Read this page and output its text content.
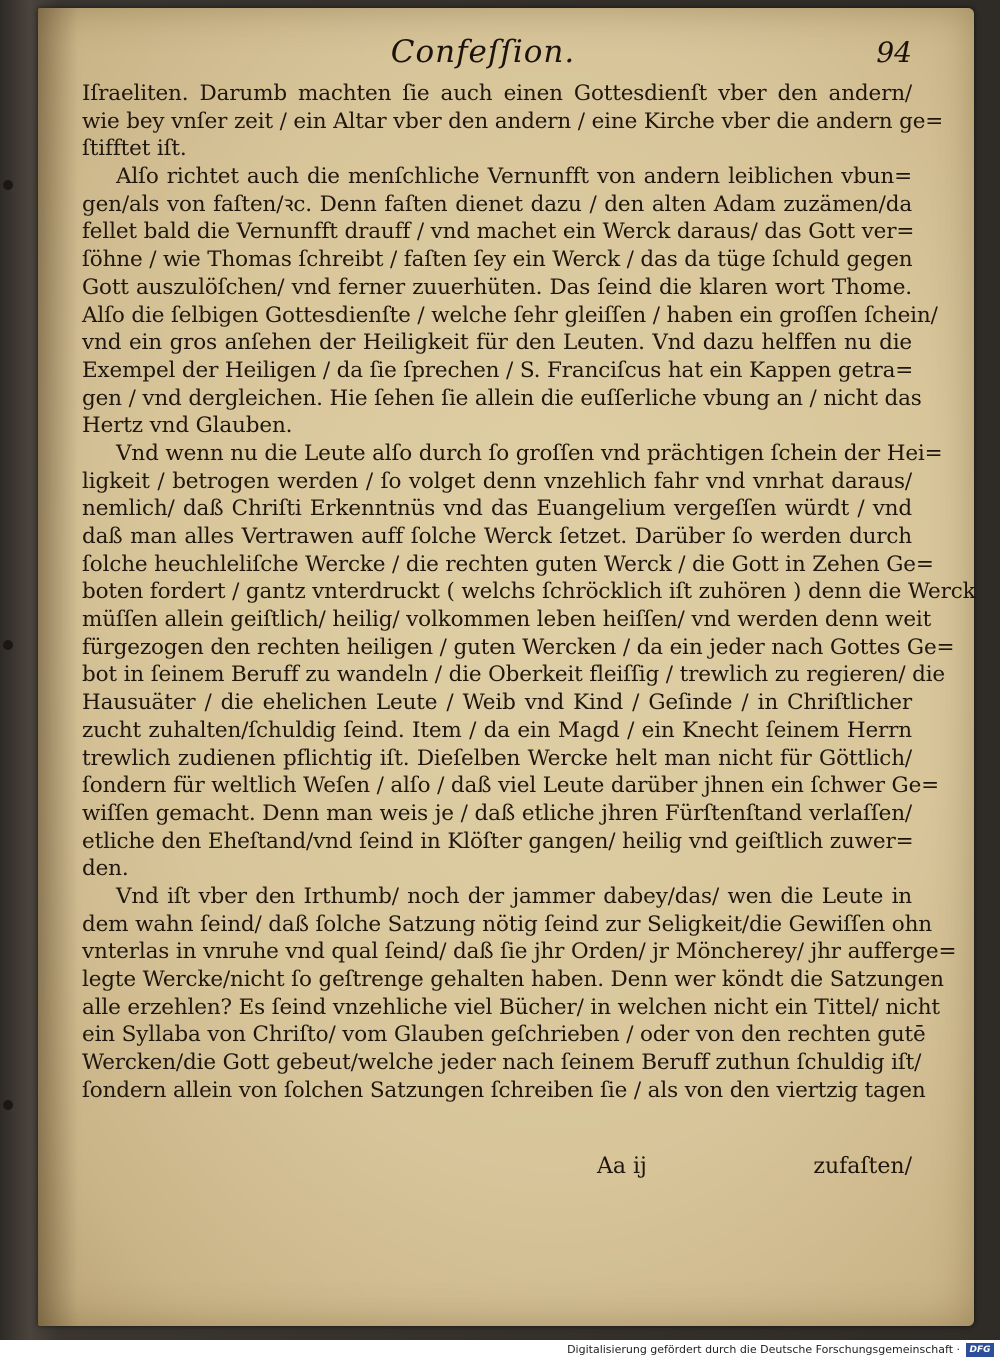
Confeſſion.	94
Iſraeliten. Darumb machten ſie auch einen Gottesdienſt vber den andern/
wie bey vnſer zeit / ein Altar vber den andern / eine Kirche vber die andern ge=
ſtifftet iſt.
Alſo richtet auch die menſchliche Vernunfft von andern leiblichen vbun=
gen/als von faſten/ꝛc. Denn faſten dienet dazu / den alten Adam zuzämen/da
fellet bald die Vernunfft drauff / vnd machet ein Werck daraus/ das Gott ver=
ſöhne / wie Thomas ſchreibt / faſten ſey ein Werck / das da tüge ſchuld gegen
Gott auszulöſchen/ vnd ferner zuuerhüten. Das ſeind die klaren wort Thome.
Alſo die ſelbigen Gottesdienſte / welche ſehr gleiſſen / haben ein groſſen ſchein/
vnd ein gros anſehen der Heiligkeit für den Leuten. Vnd dazu helffen nu die
Exempel der Heiligen / da ſie ſprechen / S. Franciſcus hat ein Kappen getra=
gen / vnd dergleichen. Hie ſehen ſie allein die euſſerliche vbung an / nicht das
Hertz vnd Glauben.
Vnd wenn nu die Leute alſo durch ſo groſſen vnd prächtigen ſchein der Hei=
ligkeit / betrogen werden / ſo volget denn vnzehlich fahr vnd vnrhat daraus/
nemlich/ daß Chriſti Erkenntnüs vnd das Euangelium vergeſſen würdt / vnd
daß man alles Vertrawen auff ſolche Werck ſetzet. Darüber ſo werden durch
ſolche heuchleliſche Wercke / die rechten guten Werck / die Gott in Zehen Ge=
boten fordert / gantz vnterdruckt ( welchs ſchröcklich iſt zuhören ) denn die Werck
müſſen allein geiſtlich/ heilig/ volkommen leben heiſſen/ vnd werden denn weit
fürgezogen den rechten heiligen / guten Wercken / da ein jeder nach Gottes Ge=
bot in ſeinem Beruff zu wandeln / die Oberkeit fleiſſig / trewlich zu regieren/ die
Hausuäter / die ehelichen Leute / Weib vnd Kind / Geſinde / in Chriſtlicher
zucht zuhalten/ſchuldig ſeind. Item / da ein Magd / ein Knecht ſeinem Herrn
trewlich zudienen pflichtig iſt. Dieſelben Wercke helt man nicht für Göttlich/
ſondern für weltlich Weſen / alſo / daß viel Leute darüber jhnen ein ſchwer Ge=
wiſſen gemacht. Denn man weis je / daß etliche jhren Fürſtenſtand verlaſſen/
etliche den Eheſtand/vnd ſeind in Klöſter gangen/ heilig vnd geiſtlich zuwer=
den.
Vnd iſt vber den Irthumb/ noch der jammer dabey/das/ wen die Leute in
dem wahn ſeind/ daß ſolche Satzung nötig ſeind zur Seligkeit/die Gewiſſen ohn
vnterlas in vnruhe vnd qual ſeind/ daß ſie jhr Orden/ jr Möncherey/ jhr aufferge=
legte Wercke/nicht ſo geſtrenge gehalten haben. Denn wer köndt die Satzungen
alle erzehlen? Es ſeind vnzehliche viel Bücher/ in welchen nicht ein Tittel/ nicht
ein Syllaba von Chriſto/ vom Glauben geſchrieben / oder von den rechten gutē
Wercken/die Gott gebeut/welche jeder nach ſeinem Beruff zuthun ſchuldig iſt/
ſondern allein von ſolchen Satzungen ſchreiben ſie / als von den viertzig tagen
Aa ij	zufaſten/
Digitalisierung gefördert durch die Deutsche Forschungsgemeinschaft ·	DFG
